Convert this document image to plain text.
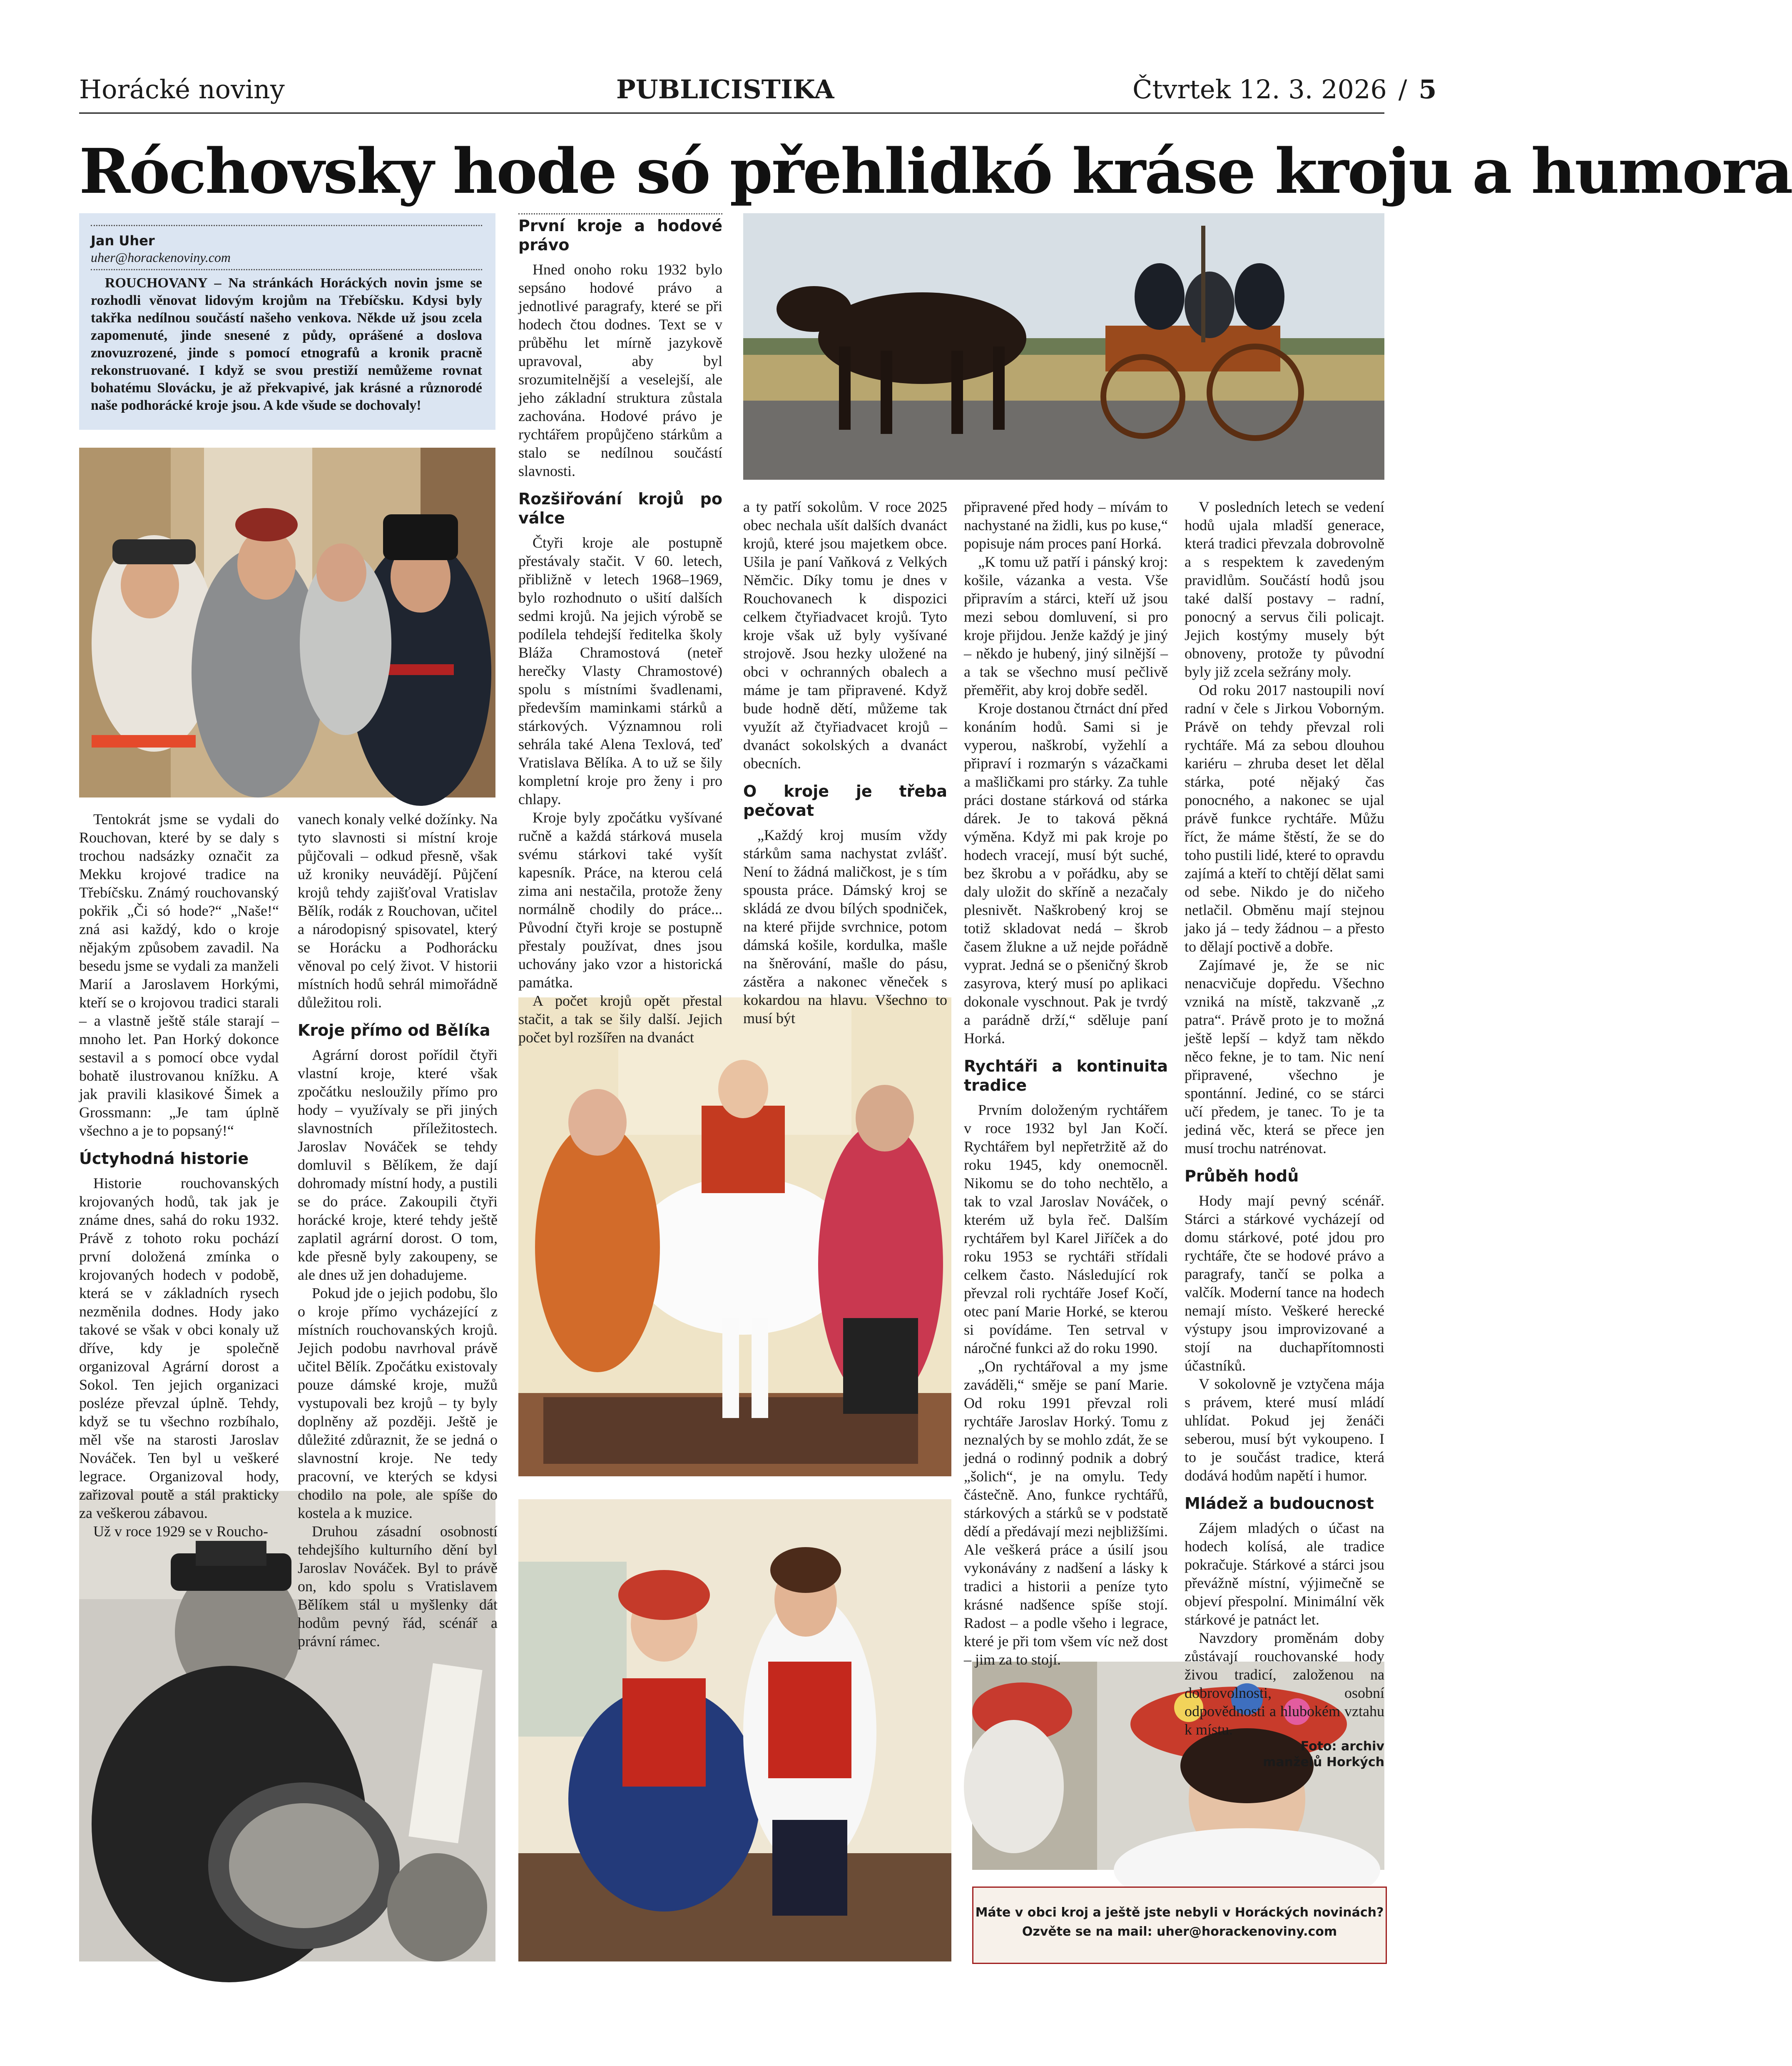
Horácké noviny	PUBLICISTIKA	Čtvrtek 12. 3. 2026 / 5
Róchovsky hode só přehlidkó kráse kroju a humora
Jan Uher
uher@horackenoviny.com
ROUCHOVANY – Na stránkách Horáckých novin jsme se rozhodli věnovat lidovým krojům na Třebíčsku. Kdysi byly takřka nedílnou součástí našeho venkova. Někde už jsou zcela zapomenuté, jinde snesené z půdy, oprášené a doslova znovuzrozené, jinde s pomocí etnografů a kronik pracně rekonstruované. I když se svou prestiží nemůžeme rovnat bohatému Slovácku, je až překvapivé, jak krásné a různorodé naše podhorácké kroje jsou. A kde všude se dochovaly!

Tentokrát jsme se vydali do Rouchovan, které by se daly s trochou nadsázky označit za Mekku krojové tradice na Třebíčsku. Známý rouchovanský pokřik „Či só hode?“ „Naše!“ zná asi každý, kdo o kroje nějakým způsobem zavadil. Na besedu jsme se vydali za manželi Marií a Jaroslavem Horkými, kteří se o krojovou tradici starali – a vlastně ještě stále starají – mnoho let. Pan Horký dokonce sestavil a s pomocí obce vydal bohatě ilustrovanou knížku. A jak pravili klasikové Šimek a Grossmann: „Je tam úplně všechno a je to popsaný!“

Úctyhodná historie

Historie rouchovanských krojovaných hodů, tak jak je známe dnes, sahá do roku 1932. Právě z tohoto roku pochází první doložená zmínka o krojovaných hodech v podobě, která se v základních rysech nezměnila dodnes. Hody jako takové se však v obci konaly už dříve, kdy je společně organizoval Agrární dorost a Sokol. Ten jejich organizaci posléze převzal úplně. Tehdy, když se tu všechno rozbíhalo, měl vše na starosti Jaroslav Nováček. Ten byl u veškeré legrace. Organizoval hody, zařizoval poutě a stál prakticky za veškerou zábavou.

Už v roce 1929 se v Roucho-

vanech konaly velké dožínky. Na tyto slavnosti si místní kroje půjčovali – odkud přesně, však už kroniky neuvádějí. Půjčení krojů tehdy zajišťoval Vratislav Bělík, rodák z Rouchovan, učitel a národopisný spisovatel, který se Horácku a Podhorácku věnoval po celý život. V historii místních hodů sehrál mimořádně důležitou roli.

Kroje přímo od Bělíka

Agrární dorost pořídil čtyři vlastní kroje, které však zpočátku nesloužily přímo pro hody – využívaly se při jiných slavnostních příležitostech. Jaroslav Nováček se tehdy domluvil s Bělíkem, že dají dohromady místní hody, a pustili se do práce. Zakoupili čtyři horácké kroje, které tehdy ještě zaplatil agrární dorost. O tom, kde přesně byly zakoupeny, se ale dnes už jen dohadujeme.

Pokud jde o jejich podobu, šlo o kroje přímo vycházející z místních rouchovanských krojů. Jejich podobu navrhoval právě učitel Bělík. Zpočátku existovaly pouze dámské kroje, mužů vystupovali bez krojů – ty byly doplněny až později. Ještě je důležité zdůraznit, že se jedná o slavnostní kroje. Ne tedy pracovní, ve kterých se kdysi chodilo na pole, ale spíše do kostela a k muzice.

Druhou zásadní osobností tehdejšího kulturního dění byl Jaroslav Nováček. Byl to právě on, kdo spolu s Vratislavem Bělíkem stál u myšlenky dát hodům pevný řád, scénář a právní rámec.

První kroje a hodové právo

Hned onoho roku 1932 bylo sepsáno hodové právo a jednotlivé paragrafy, které se při hodech čtou dodnes. Text se v průběhu let mírně jazykově upravoval, aby byl srozumitelnější a veselejší, ale jeho základní struktura zůstala zachována. Hodové právo je rychtářem propůjčeno stárkům a stalo se nedílnou součástí slavnosti.

Rozšiřování krojů po válce

Čtyři kroje ale postupně přestávaly stačit. V 60. letech, přibližně v letech 1968–1969, bylo rozhodnuto o ušití dalších sedmi krojů. Na jejich výrobě se podílela tehdejší ředitelka školy Bláža Chramostová (neteř herečky Vlasty Chramostové) spolu s místními švadlenami, především maminkami stárků a stárkových. Významnou roli sehrála také Alena Texlová, teď Vratislava Bělíka. A to už se šily kompletní kroje pro ženy i pro chlapy.

Kroje byly zpočátku vyšívané ručně a každá stárková musela svému stárkovi také vyšít kapesník. Práce, na kterou celá zima ani nestačila, protože ženy normálně chodily do práce... Původní čtyři kroje se postupně přestaly používat, dnes jsou uchovány jako vzor a historická památka.

A počet krojů opět přestal stačit, a tak se šily další. Jejich počet byl rozšířen na dvanáct

a ty patří sokolům. V roce 2025 obec nechala ušít dalších dvanáct krojů, které jsou majetkem obce. Ušila je paní Vaňková z Velkých Němčic. Díky tomu je dnes v Rouchovanech k dispozici celkem čtyřiadvacet krojů. Tyto kroje však už byly vyšívané strojově. Jsou hezky uložené na obci v ochranných obalech a máme je tam připravené. Když bude hodně dětí, můžeme tak využít až čtyřiadvacet krojů – dvanáct sokolských a dvanáct obecních.

O kroje je třeba pečovat

„Každý kroj musím vždy stárkům sama nachystat zvlášť. Není to žádná maličkost, je s tím spousta práce. Dámský kroj se skládá ze dvou bílých spodniček, na které přijde svrchnice, potom dámská košile, kordulka, mašle na šněrování, mašle do pásu, zástěra a nakonec věneček s kokardou na hlavu. Všechno to musí být

připravené před hody – mívám to nachystané na židli, kus po kuse,“ popisuje nám proces paní Horká.

„K tomu už patří i pánský kroj: košile, vázanka a vesta. Vše připravím a stárci, kteří už jsou mezi sebou domluvení, si pro kroje přijdou. Jenže každý je jiný – někdo je hubený, jiný silnější – a tak se všechno musí pečlivě přeměřit, aby kroj dobře seděl.

Kroje dostanou čtrnáct dní před konáním hodů. Sami si je vyperou, naškrobí, vyžehlí a připraví i rozmarýn s vázačkami a mašličkami pro stárky. Za tuhle práci dostane stárková od stárka dárek. Je to taková pěkná výměna. Když mi pak kroje po hodech vracejí, musí být suché, bez škrobu a v pořádku, aby se daly uložit do skříně a nezačaly plesnivět. Naškrobený kroj se totiž skladovat nedá – škrob časem žlukne a už nejde pořádně vyprat. Jedná se o pšeničný škrob zasyrova, který musí po aplikaci dokonale vyschnout. Pak je tvrdý a parádně drží,“ sděluje paní Horká.

Rychtáři a kontinuita tradice

Prvním doloženým rychtářem v roce 1932 byl Jan Kočí. Rychtářem byl nepřetržitě až do roku 1945, kdy onemocněl. Nikomu se do toho nechtělo, a tak to vzal Jaroslav Nováček, o kterém už byla řeč. Dalším rychtářem byl Karel Jiříček a do roku 1953 se rychtáři střídali celkem často. Následující rok převzal roli rychtáře Josef Kočí, otec paní Marie Horké, se kterou si povídáme. Ten setrval v náročné funkci až do roku 1990.

„On rychtářoval a my jsme zaváděli,“ směje se paní Marie. Od roku 1991 převzal roli rychtáře Jaroslav Horký. Tomu z neznalých by se mohlo zdát, že se jedná o rodinný podnik a dobrý „šolich“, je na omylu. Tedy částečně. Ano, funkce rychtářů, stárkových a stárků se v podstatě dědí a předávají mezi nejbližšími. Ale veškerá práce a úsilí jsou vykonávány z nadšení a lásky k tradici a historii a peníze tyto krásné nadšence spíše stojí. Radost – a podle všeho i legrace, které je při tom všem víc než dost – jim za to stojí.

V posledních letech se vedení hodů ujala mladší generace, která tradici převzala dobrovolně a s respektem k zavedeným pravidlům. Součástí hodů jsou také další postavy – radní, ponocný a servus čili policajt. Jejich kostýmy musely být obnoveny, protože ty původní byly již zcela sežrány moly.

Od roku 2017 nastoupili noví radní v čele s Jirkou Voborným. Právě on tehdy převzal roli rychtáře. Má za sebou dlouhou kariéru – zhruba deset let dělal stárka, poté nějaký čas ponocného, a nakonec se ujal právě funkce rychtáře. Můžu říct, že máme štěstí, že se do toho pustili lidé, které to opravdu zajímá a kteří to chtějí dělat sami od sebe. Nikdo je do ničeho netlačil. Obměnu mají stejnou jako já – tedy žádnou – a přesto to dělají poctivě a dobře.

Zajímavé je, že se nic nenacvičuje dopředu. Všechno vzniká na místě, takzvaně „z patra“. Právě proto je to možná ještě lepší – když tam někdo něco fekne, je to tam. Nic není připravené, všechno je spontánní. Jediné, co se stárci učí předem, je tanec. To je ta jediná věc, která se přece jen musí trochu natrénovat.

Průběh hodů

Hody mají pevný scénář. Stárci a stárkové vycházejí od domu stárkové, poté jdou pro rychtáře, čte se hodové právo a paragrafy, tančí se polka a valčík. Moderní tance na hodech nemají místo. Veškeré herecké výstupy jsou improvizované a stojí na duchapřítomnosti účastníků.

V sokolovně je vztyčena mája s právem, které musí mládí uhlídat. Pokud jej ženáči seberou, musí být vykoupeno. I to je součást tradice, která dodává hodům napětí i humor.

Mládež a budoucnost

Zájem mladých o účast na hodech kolísá, ale tradice pokračuje. Stárkové a stárci jsou převážně místní, výjimečně se objeví přespolní. Minimální věk stárkové je patnáct let.

Navzdory proměnám doby zůstávají rouchovanské hody živou tradicí, založenou na dobrovolnosti, osobní odpovědnosti a hlubokém vztahu k místu.

Foto: archiv
manželů Horkých
Máte v obci kroj a ještě jste nebyli v Horáckých novinách?
Ozvěte se na mail: uher@horackenoviny.com
